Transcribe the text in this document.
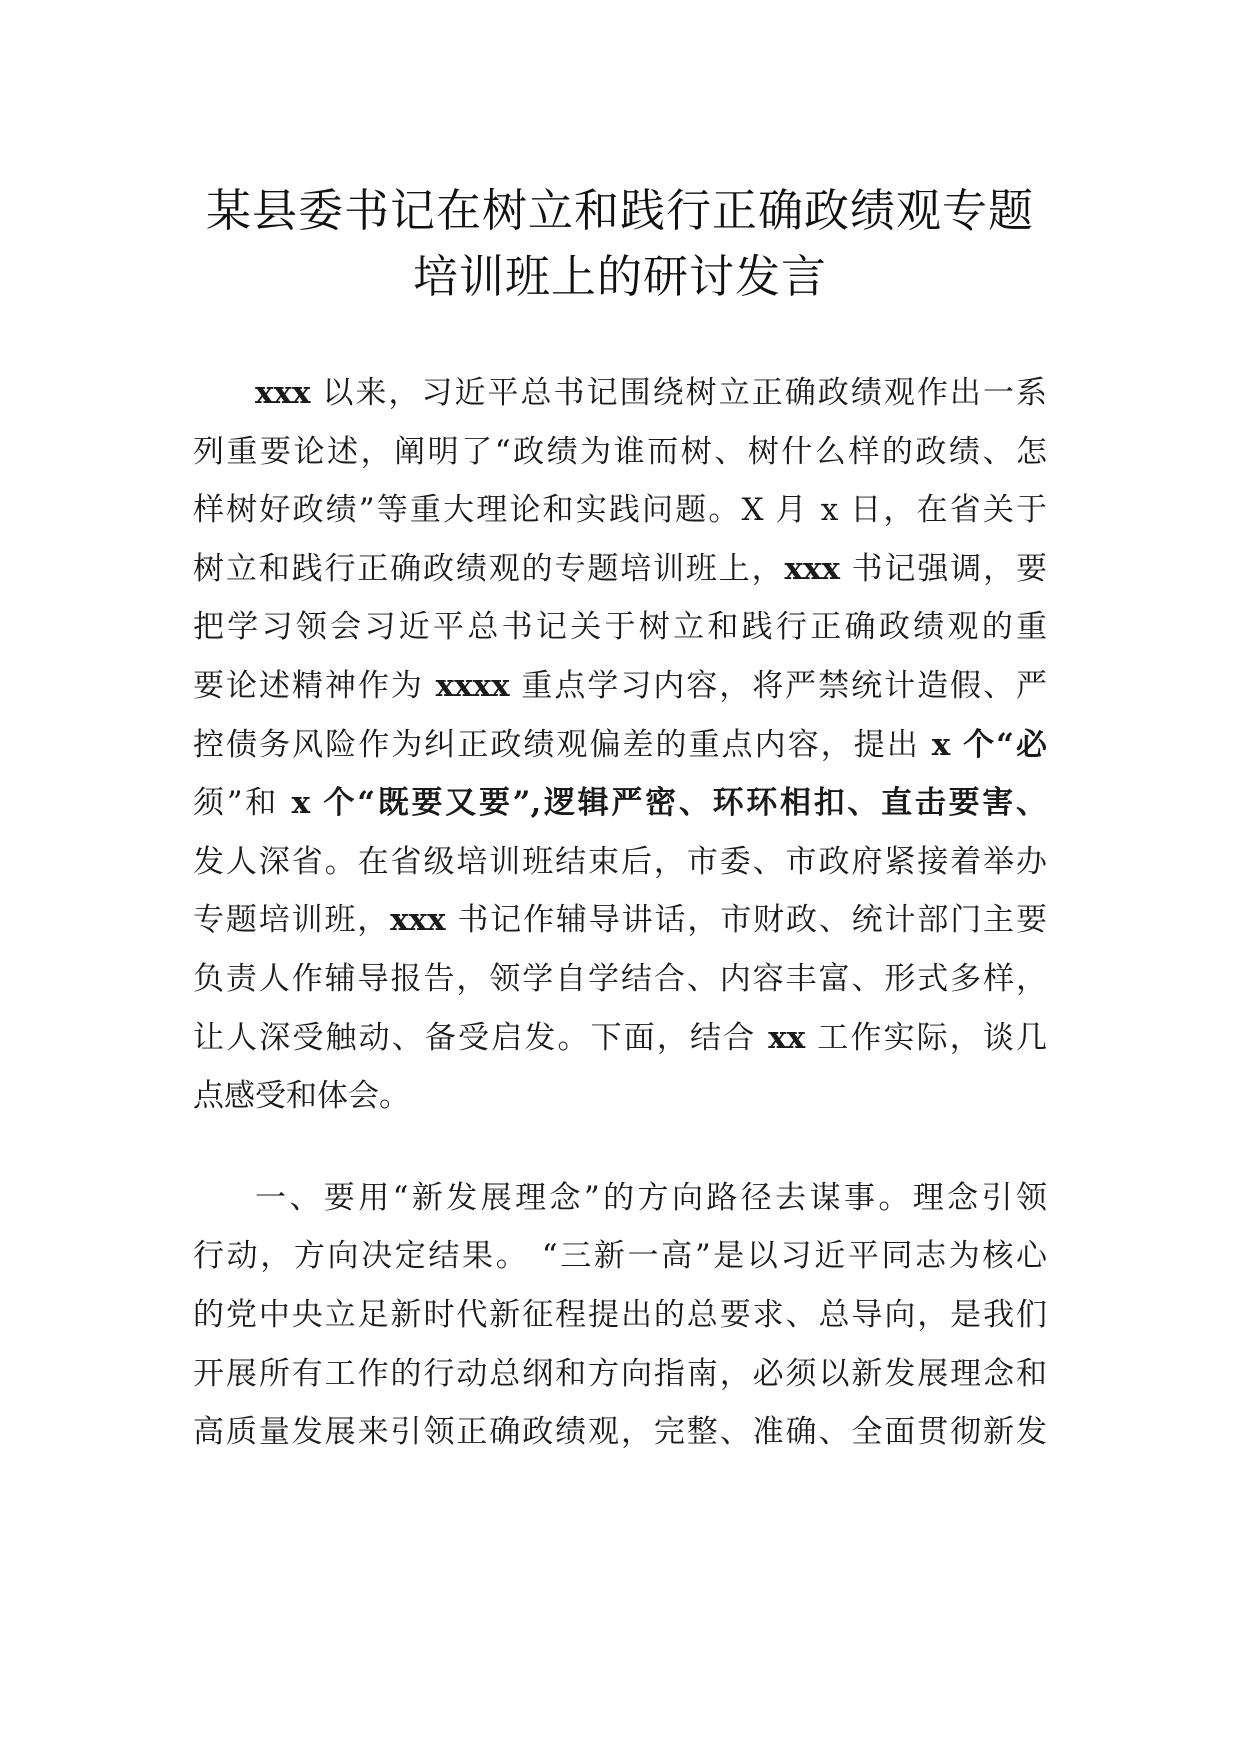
某县委书记在树立和践行正确政绩观专题
培训班上的研讨发言
xxx 以来，习近平总书记围绕树立正确政绩观作出一系
列重要论述，阐明了“政绩为谁而树、树什么样的政绩、怎
样树好政绩”等重大理论和实践问题。X 月 x 日，在省关于
树立和践行正确政绩观的专题培训班上，xxx 书记强调，要
把学习领会习近平总书记关于树立和践行正确政绩观的重
要论述精神作为 xxxx 重点学习内容，将严禁统计造假、严
控债务风险作为纠正政绩观偏差的重点内容，提出 x 个“必
须”和 x 个“既要又要”,逻辑严密、环环相扣、直击要害、
发人深省。在省级培训班结束后，市委、市政府紧接着举办
专题培训班，xxx 书记作辅导讲话，市财政、统计部门主要
负责人作辅导报告，领学自学结合、内容丰富、形式多样，
让人深受触动、备受启发。下面，结合 xx 工作实际，谈几
点感受和体会。
一、要用“新发展理念”的方向路径去谋事。理念引领
行动，方向决定结果。 “三新一高”是以习近平同志为核心
的党中央立足新时代新征程提出的总要求、总导向，是我们
开展所有工作的行动总纲和方向指南，必须以新发展理念和
高质量发展来引领正确政绩观，完整、准确、全面贯彻新发
